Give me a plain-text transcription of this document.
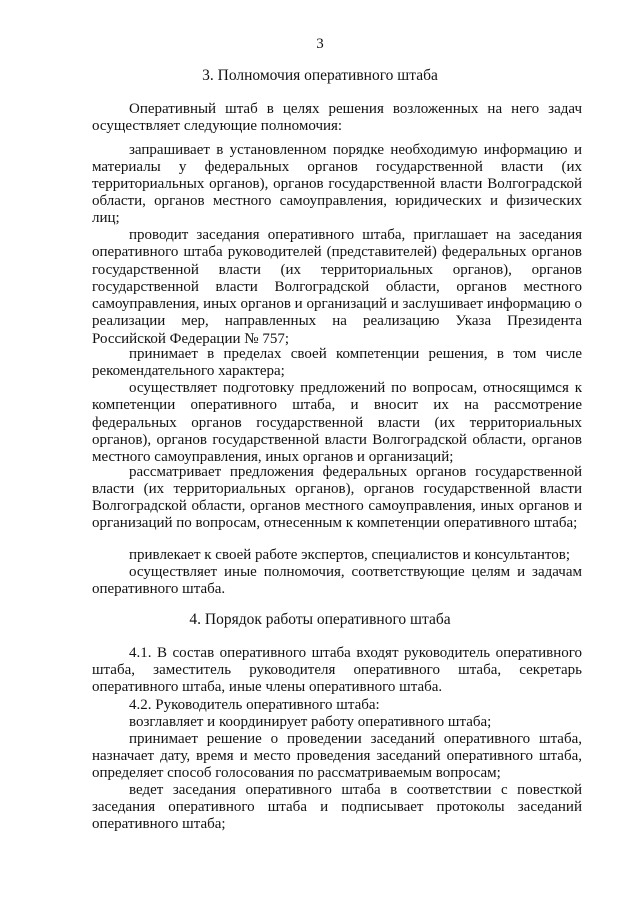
3
3. Полномочия оперативного штаба

Оперативный штаб в целях решения возложенных на него задач осуществляет следующие полномочия:

запрашивает в установленном порядке необходимую информацию и материалы у федеральных органов государственной власти (их территориальных органов), органов государственной власти Волгоградской области, органов местного самоуправления, юридических и физических лиц;

проводит заседания оперативного штаба, приглашает на заседания оперативного штаба руководителей (представителей) федеральных органов государственной власти (их территориальных органов), органов государственной власти Волгоградской области, органов местного самоуправления, иных органов и организаций и заслушивает информацию о реализации мер, направленных на реализацию Указа Президента Российской Федерации № 757;

принимает в пределах своей компетенции решения, в том числе рекомендательного характера;

осуществляет подготовку предложений по вопросам, относящимся к компетенции оперативного штаба, и вносит их на рассмотрение федеральных органов государственной власти (их территориальных органов), органов государственной власти Волгоградской области, органов местного самоуправления, иных органов и организаций;

рассматривает предложения федеральных органов государственной власти (их территориальных органов), органов государственной власти Волгоградской области, органов местного самоуправления, иных органов и организаций по вопросам, отнесенным к компетенции оперативного штаба;

привлекает к своей работе экспертов, специалистов и консультантов;

осуществляет иные полномочия, соответствующие целям и задачам оперативного штаба.

4. Порядок работы оперативного штаба

4.1. В состав оперативного штаба входят руководитель оперативного штаба, заместитель руководителя оперативного штаба, секретарь оперативного штаба, иные члены оперативного штаба.

4.2. Руководитель оперативного штаба:

возглавляет и координирует работу оперативного штаба;

принимает решение о проведении заседаний оперативного штаба, назначает дату, время и место проведения заседаний оперативного штаба, определяет способ голосования по рассматриваемым вопросам;

ведет заседания оперативного штаба в соответствии с повесткой заседания оперативного штаба и подписывает протоколы заседаний оперативного штаба;
